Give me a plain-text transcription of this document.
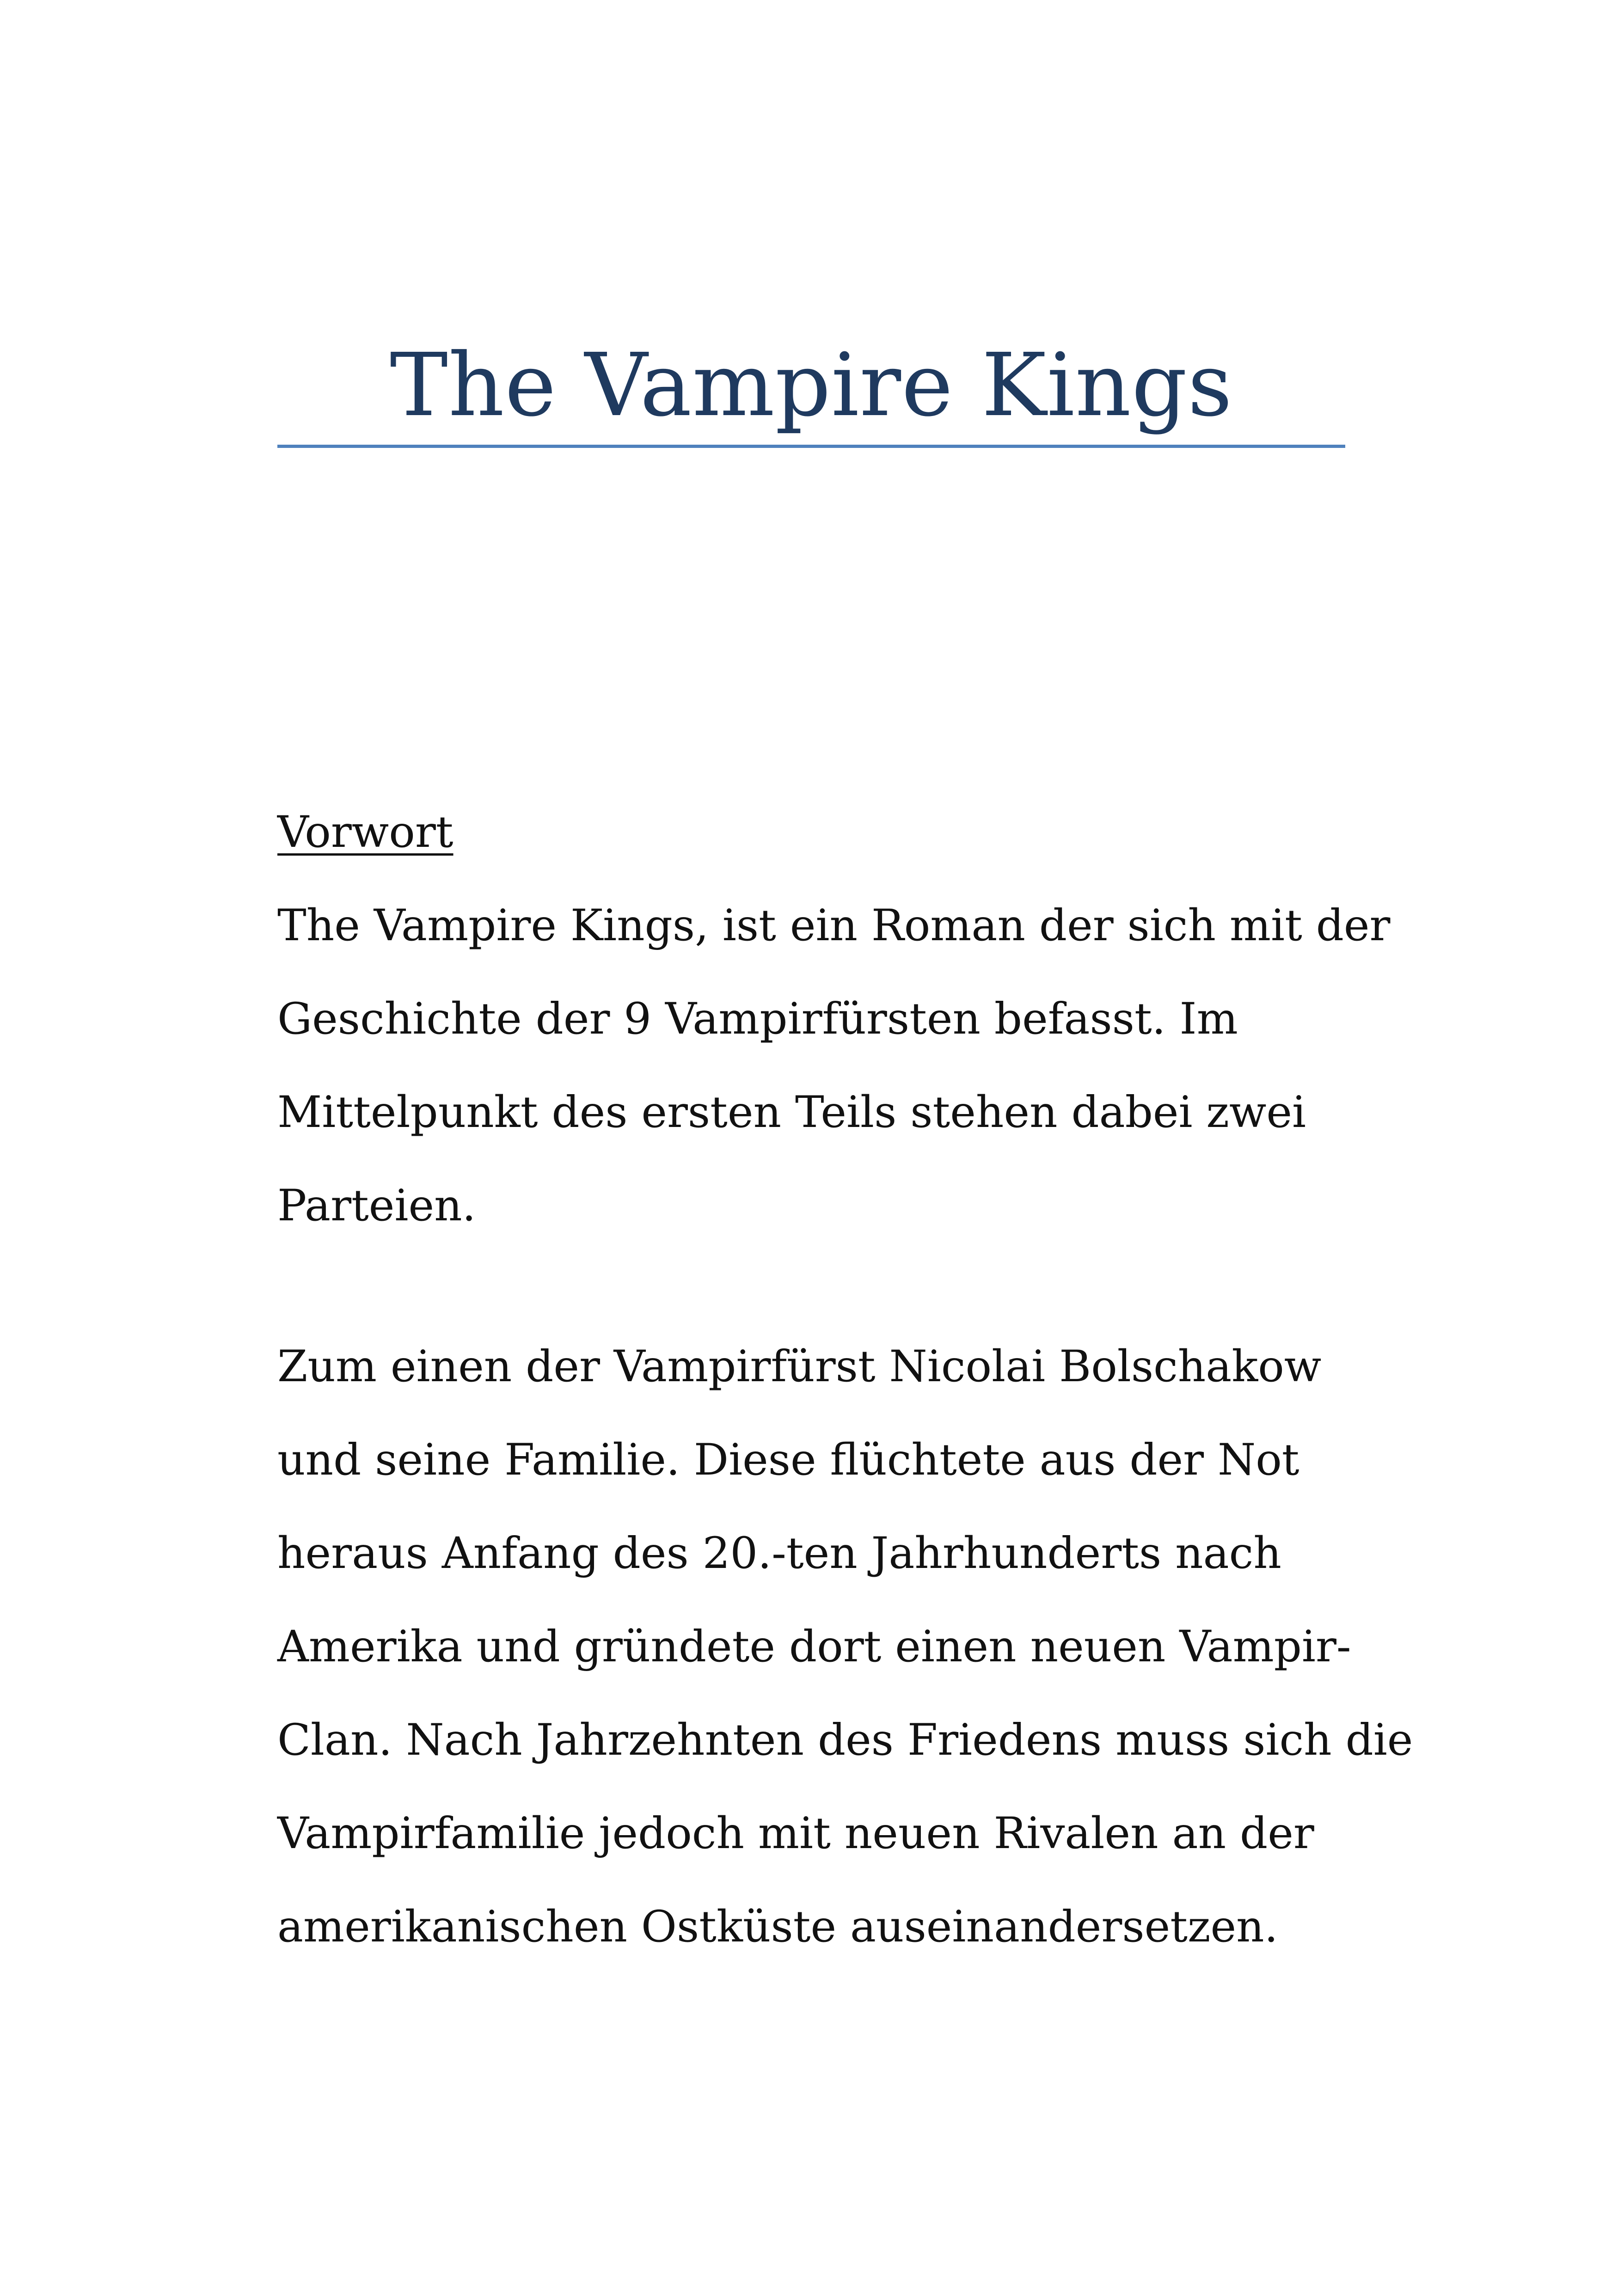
The Vampire Kings
Vorwort

The Vampire Kings, ist ein Roman der sich mit der
Geschichte der 9 Vampirfürsten befasst. Im
Mittelpunkt des ersten Teils stehen dabei zwei
Parteien.

Zum einen der Vampirfürst Nicolai Bolschakow
und seine Familie. Diese flüchtete aus der Not
heraus Anfang des 20.-ten Jahrhunderts nach
Amerika und gründete dort einen neuen Vampir-
Clan. Nach Jahrzehnten des Friedens muss sich die
Vampirfamilie jedoch mit neuen Rivalen an der
amerikanischen Ostküste auseinandersetzen.
